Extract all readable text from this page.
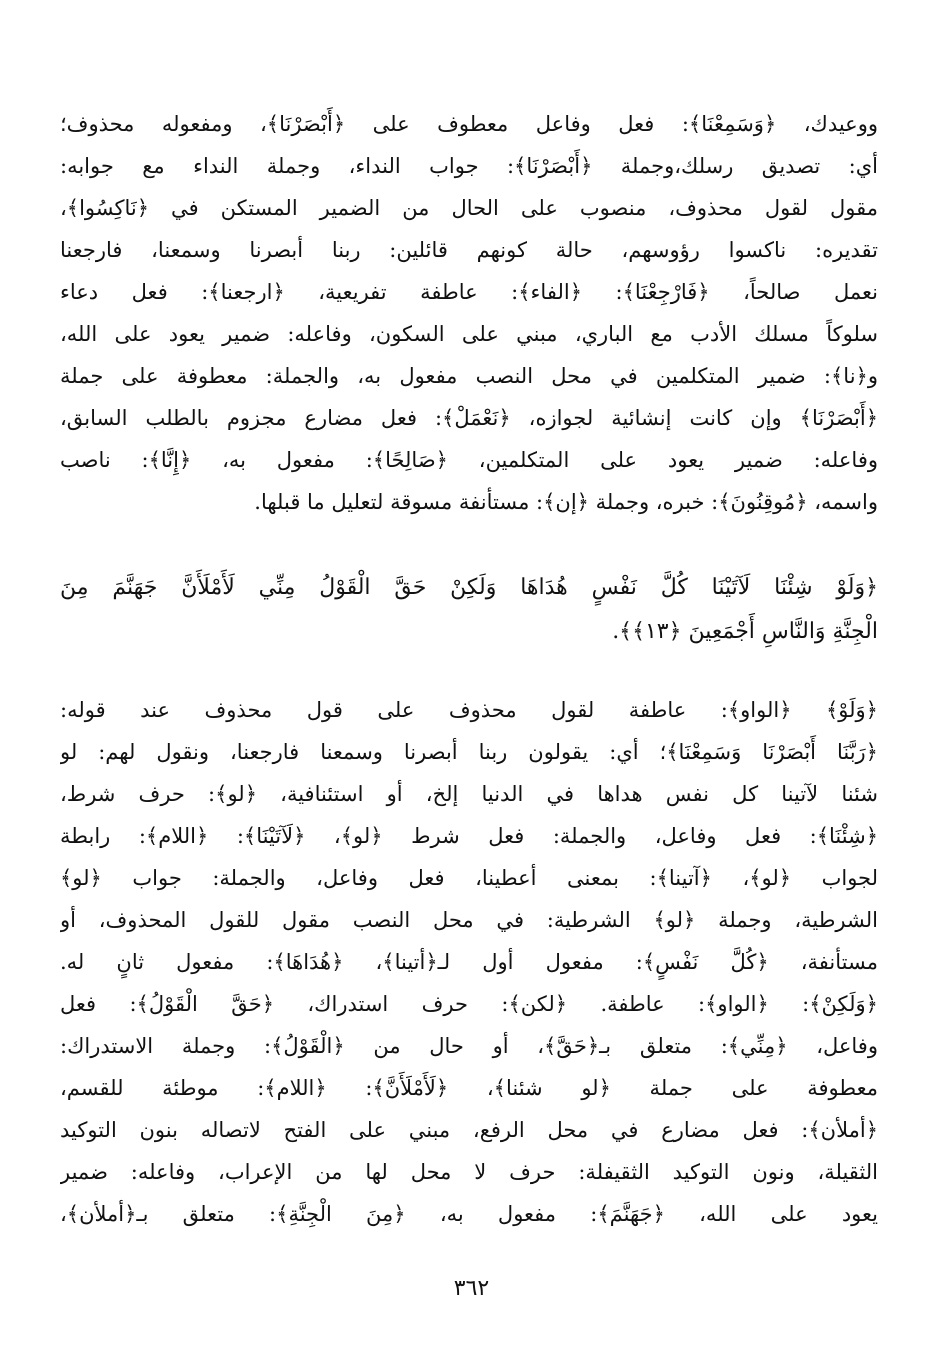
ووعيدك، ﴿وَسَمِعْنَا﴾: فعل وفاعل معطوف على ﴿أَبْصَرْنَا﴾، ومفعوله محذوف؛
أي: تصديق رسلك،وجملة ﴿أَبْصَرْنَا﴾: جواب النداء، وجملة النداء مع جوابه:
مقول لقول محذوف، منصوب على الحال من الضمير المستكن في ﴿نَاكِسُوا﴾،
تقديره: ناكسوا رؤوسهم، حالة كونهم قائلين: ربنا أبصرنا وسمعنا، فارجعنا
نعمل صالحاً، ﴿فَارْجِعْنَا﴾: ﴿الفاء﴾: عاطفة تفريعية، ﴿ارجعنا﴾: فعل دعاء
سلوكاً مسلك الأدب مع الباري، مبني على السكون، وفاعله: ضمير يعود على الله،
و﴿نا﴾: ضمير المتكلمين في محل النصب مفعول به، والجملة: معطوفة على جملة
﴿أَبْصَرْنَا﴾ وإن كانت إنشائية لجوازه، ﴿نَعْمَلْ﴾: فعل مضارع مجزوم بالطلب السابق،
وفاعله: ضمير يعود على المتكلمين، ﴿صَالِحًا﴾: مفعول به، ﴿إِنَّا﴾: ناصب
واسمه، ﴿مُوقِنُونَ﴾: خبره، وجملة ﴿إن﴾: مستأنفة مسوقة لتعليل ما قبلها.
﴿وَلَوْ شِئْنَا لَآتَيْنَا كُلَّ نَفْسٍ هُدَاهَا وَلَكِنْ حَقَّ الْقَوْلُ مِنِّي لَأَمْلَأَنَّ جَهَنَّمَ مِنَ
الْجِنَّةِ وَالنَّاسِ أَجْمَعِينَ ﴿١٣﴾﴾.
﴿وَلَوْ﴾ ﴿الواو﴾: عاطفة لقول محذوف على قول محذوف عند قوله:
﴿رَبَّنَا أَبْصَرْنَا وَسَمِعْنَا﴾؛ أي: يقولون ربنا أبصرنا وسمعنا فارجعنا، ونقول لهم: لو
شئنا لآتينا كل نفس هداها في الدنيا إلخ، أو استئنافية، ﴿لو﴾: حرف شرط،
﴿شِئْنَا﴾: فعل وفاعل، والجملة: فعل شرط ﴿لو﴾، ﴿لَآتَيْنَا﴾: ﴿اللام﴾: رابطة
لجواب ﴿لو﴾، ﴿آتينا﴾: بمعنى أعطينا، فعل وفاعل، والجملة: جواب ﴿لو﴾
الشرطية، وجملة ﴿لو﴾ الشرطية: في محل النصب مقول للقول المحذوف، أو
مستأنفة، ﴿كُلَّ نَفْسٍ﴾: مفعول أول لـ﴿أتينا﴾، ﴿هُدَاهَا﴾: مفعول ثانٍ له.
﴿وَلَكِنْ﴾: ﴿الواو﴾: عاطفة. ﴿لكن﴾: حرف استدراك، ﴿حَقَّ الْقَوْلُ﴾: فعل
وفاعل، ﴿مِنِّي﴾: متعلق بـ﴿حَقَّ﴾، أو حال من ﴿الْقَوْلُ﴾: وجملة الاستدراك:
معطوفة على جملة ﴿لو شئنا﴾، ﴿لَأَمْلَأَنَّ﴾: ﴿اللام﴾: موطئة للقسم،
﴿أملأن﴾: فعل مضارع في محل الرفع، مبني على الفتح لاتصاله بنون التوكيد
الثقيلة، ونون التوكيد الثقيفلة: حرف لا محل لها من الإعراب، وفاعله: ضمير
يعود على الله، ﴿جَهَنَّمَ﴾: مفعول به، ﴿مِنَ الْجِنَّةِ﴾: متعلق بـ﴿أملأن﴾،
٣٦٢
